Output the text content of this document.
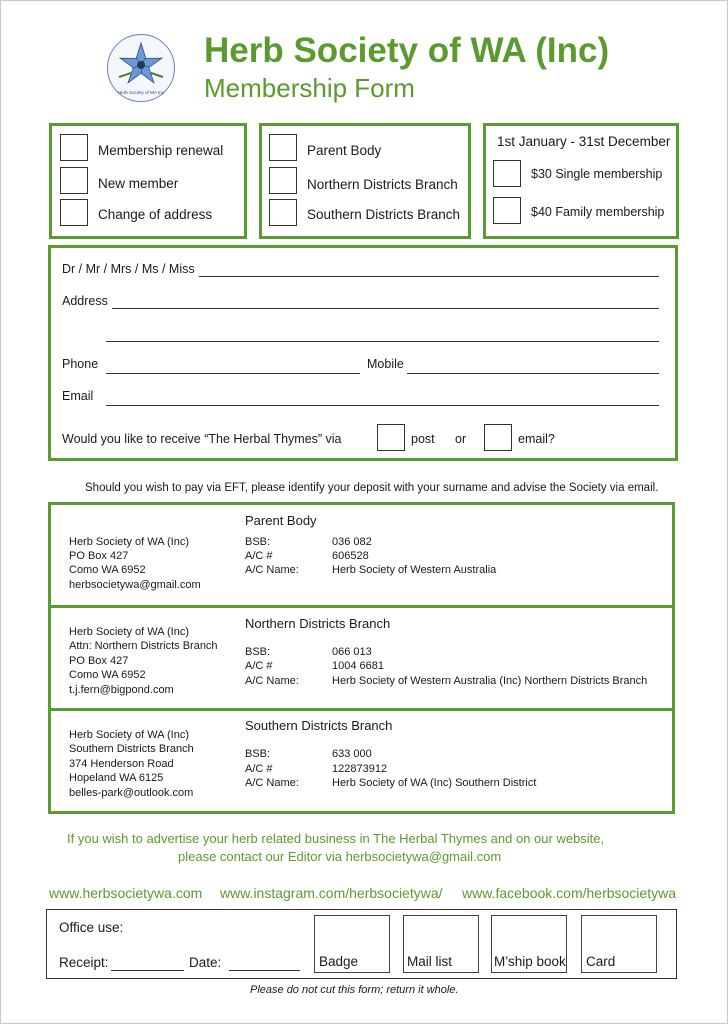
Herb Society of WA Inc
Herb Society of WA (Inc)
Membership Form
Membership renewal
New member
Change of address
Parent Body
Northern Districts Branch
Southern Districts Branch
1st January - 31st December
$30 Single membership
$40 Family membership
Dr / Mr / Mrs / Ms / Miss
Address
Phone	Mobile
Email
Would you like to receive “The Herbal Thymes” via	post or	email?
Should you wish to pay via EFT, please identify your deposit with your surname and advise the Society via email.
Parent Body
Herb Society of WA (Inc)
PO Box 427
Como WA 6952
herbsocietywa@gmail.com
BSB:	036 082
A/C #	606528
A/C Name:	Herb Society of Western Australia
Northern Districts Branch
Herb Society of WA (Inc)
Attn: Northern Districts Branch
PO Box 427
Como WA 6952
t.j.fern@bigpond.com
BSB:	066 013
A/C #	1004 6681
A/C Name:	Herb Society of Western Australia (Inc) Northern Districts Branch
Southern Districts Branch
Herb Society of WA (Inc)
Southern Districts Branch
374 Henderson Road
Hopeland WA 6125
belles-park@outlook.com
BSB:	633 000
A/C #	122873912
A/C Name:	Herb Society of WA (Inc) Southern District
If you wish to advertise your herb related business in The Herbal Thymes and on our website,
please contact our Editor via herbsocietywa@gmail.com
www.herbsocietywa.com www.instagram.com/herbsocietywa/ www.facebook.com/herbsocietywa
Office use:
Receipt:	Date:	Badge	Mail list	M’ship book Card
Please do not cut this form; return it whole.
